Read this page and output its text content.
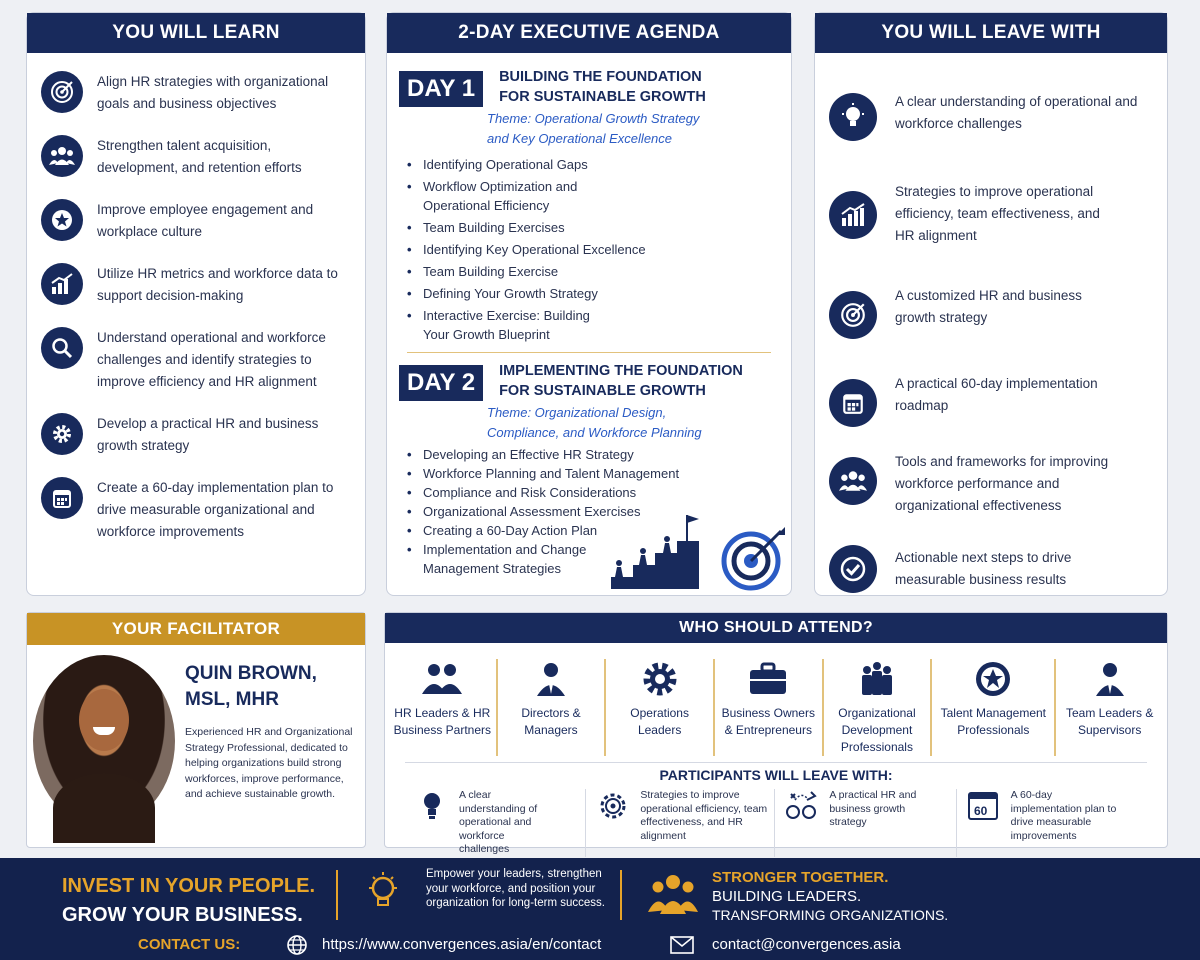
YOU WILL LEARN
Align HR strategies with organizational goals and business objectives
Strengthen talent acquisition, development, and retention efforts
Improve employee engagement and workplace culture
Utilize HR metrics and workforce data to support decision-making
Understand operational and workforce challenges and identify strategies to improve efficiency and HR alignment
Develop a practical HR and business growth strategy
Create a 60-day implementation plan to drive measurable organizational and workforce improvements
2-DAY EXECUTIVE AGENDA
DAY 1	BUILDING THE FOUNDATION
FOR SUSTAINABLE GROWTH
Theme: Operational Growth Strategy
and Key Operational Excellence
• Identifying Operational Gaps
• Workflow Optimization and Operational Efficiency
• Team Building Exercises
• Identifying Key Operational Excellence
• Team Building Exercise
• Defining Your Growth Strategy
• Interactive Exercise: Building Your Growth Blueprint
DAY 2	IMPLEMENTING THE FOUNDATION
FOR SUSTAINABLE GROWTH
Theme: Organizational Design,
Compliance, and Workforce Planning
• Developing an Effective HR Strategy
• Workforce Planning and Talent Management
• Compliance and Risk Considerations
• Organizational Assessment Exercises
• Creating a 60-Day Action Plan
• Implementation and Change Management Strategies
YOU WILL LEAVE WITH
A clear understanding of operational and workforce challenges
Strategies to improve operational efficiency, team effectiveness, and HR alignment
A customized HR and business growth strategy
A practical 60-day implementation roadmap
Tools and frameworks for improving workforce performance and organizational effectiveness
Actionable next steps to drive measurable business results
YOUR FACILITATOR
QUIN BROWN,
MSL, MHR
Experienced HR and Organizational Strategy Professional, dedicated to helping organizations build strong workforces, improve performance, and achieve sustainable growth.
WHO SHOULD ATTEND?
HR Leaders & HR Business Partners
Directors & Managers
Operations Leaders
Business Owners & Entrepreneurs
Organizational Development Professionals
Talent Management Professionals
Team Leaders & Supervisors
PARTICIPANTS WILL LEAVE WITH:
A clear understanding of operational and workforce challenges
Strategies to improve operational efficiency, team effectiveness, and HR alignment
A practical HR and business growth strategy
60
A 60-day implementation plan to drive measurable improvements
INVEST IN YOUR PEOPLE.
GROW YOUR BUSINESS.
Empower your leaders, strengthen your workforce, and position your organization for long-term success.
STRONGER TOGETHER.
BUILDING LEADERS.
TRANSFORMING ORGANIZATIONS.
CONTACT US:	https://www.convergences.asia/en/contact	contact@convergences.asia
